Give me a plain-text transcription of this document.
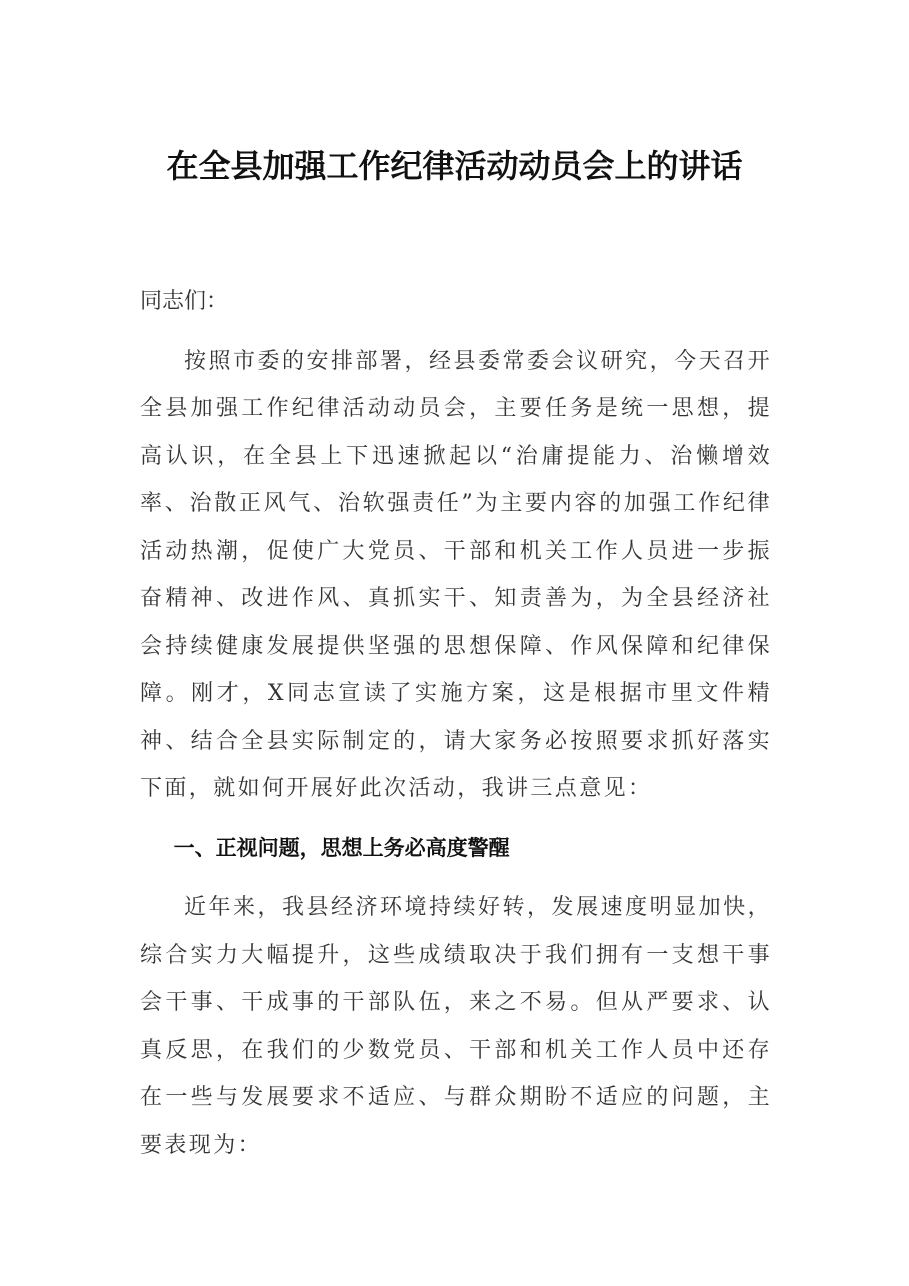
在全县加强工作纪律活动动员会上的讲话

同志们：

按照市委的安排部署，经县委常委会议研究，今天召开全县加强工作纪律活动动员会，主要任务是统一思想，提高认识，在全县上下迅速掀起以“治庸提能力、治懒增效率、治散正风气、治软强责任”为主要内容的加强工作纪律活动热潮，促使广大党员、干部和机关工作人员进一步振奋精神、改进作风、真抓实干、知责善为，为全县经济社会持续健康发展提供坚强的思想保障、作风保障和纪律保障。刚才，X同志宣读了实施方案，这是根据市里文件精神、结合全县实际制定的，请大家务必按照要求抓好落实下面，就如何开展好此次活动，我讲三点意见：

一、正视问题，思想上务必高度警醒

近年来，我县经济环境持续好转，发展速度明显加快，综合实力大幅提升，这些成绩取决于我们拥有一支想干事会干事、干成事的干部队伍，来之不易。但从严要求、认真反思，在我们的少数党员、干部和机关工作人员中还存在一些与发展要求不适应、与群众期盼不适应的问题，主要表现为：
